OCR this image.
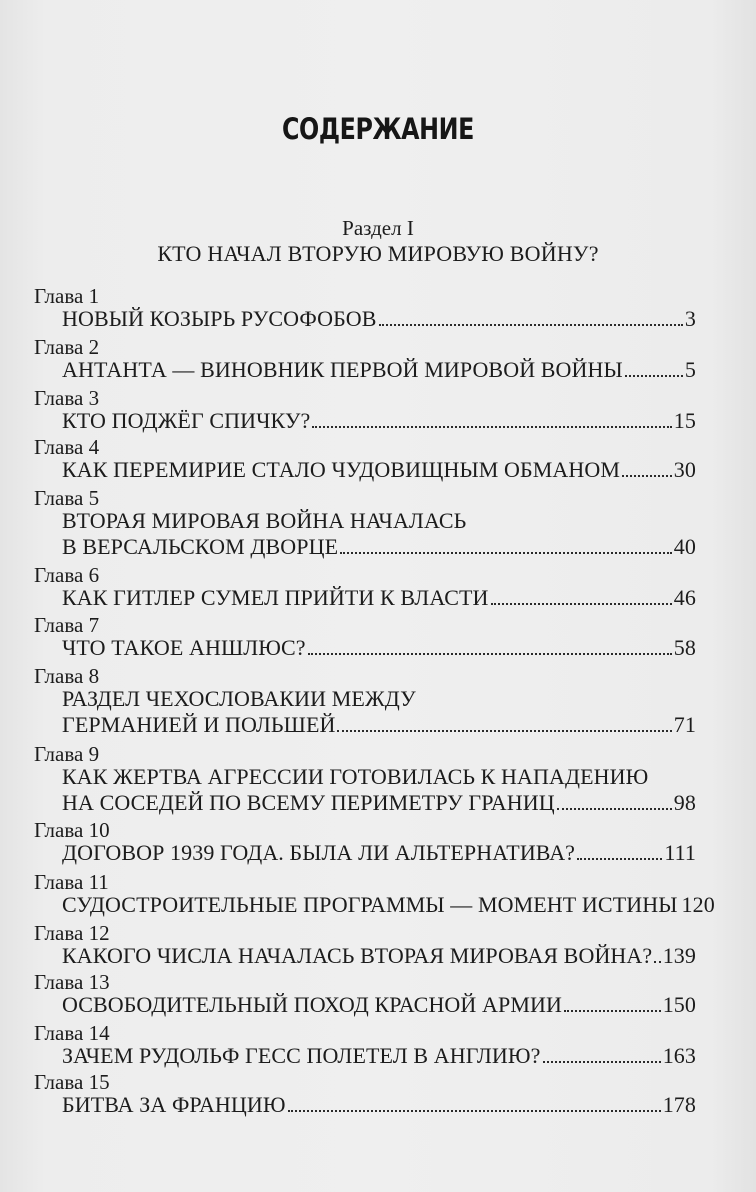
СОДЕРЖАНИЕ
Раздел I
КТО НАЧАЛ ВТОРУЮ МИРОВУЮ ВОЙНУ?
Глава 1
НОВЫЙ КОЗЫРЬ РУСОФОБОВ	3
Глава 2
АНТАНТА — ВИНОВНИК ПЕРВОЙ МИРОВОЙ ВОЙНЫ	5
Глава 3
КТО ПОДЖЁГ СПИЧКУ?	15
Глава 4
КАК ПЕРЕМИРИЕ СТАЛО ЧУДОВИЩНЫМ ОБМАНОМ 30
Глава 5
ВТОРАЯ МИРОВАЯ ВОЙНА НАЧАЛАСЬ
В ВЕРСАЛЬСКОМ ДВОРЦЕ	40
Глава 6
КАК ГИТЛЕР СУМЕЛ ПРИЙТИ К ВЛАСТИ	46
Глава 7
ЧТО ТАКОЕ АНШЛЮС?	58
Глава 8
РАЗДЕЛ ЧЕХОСЛОВАКИИ МЕЖДУ
ГЕРМАНИЕЙ И ПОЛЬШЕЙ	71
Глава 9
КАК ЖЕРТВА АГРЕССИИ ГОТОВИЛАСЬ К НАПАДЕНИЮ
НА СОСЕДЕЙ ПО ВСЕМУ ПЕРИМЕТРУ ГРАНИЦ	98
Глава 10
ДОГОВОР 1939 ГОДА. БЫЛА ЛИ АЛЬТЕРНАТИВА?	111
Глава 11
СУДОСТРОИТЕЛЬНЫЕ ПРОГРАММЫ — МОМЕНТ ИСТИНЫ 120
Глава 12
КАКОГО ЧИСЛА НАЧАЛАСЬ ВТОРАЯ МИРОВАЯ ВОЙНА? 139
Глава 13
ОСВОБОДИТЕЛЬНЫЙ ПОХОД КРАСНОЙ АРМИИ	150
Глава 14
ЗАЧЕМ РУДОЛЬФ ГЕСС ПОЛЕТЕЛ В АНГЛИЮ?	163
Глава 15
БИТВА ЗА ФРАНЦИЮ	178
